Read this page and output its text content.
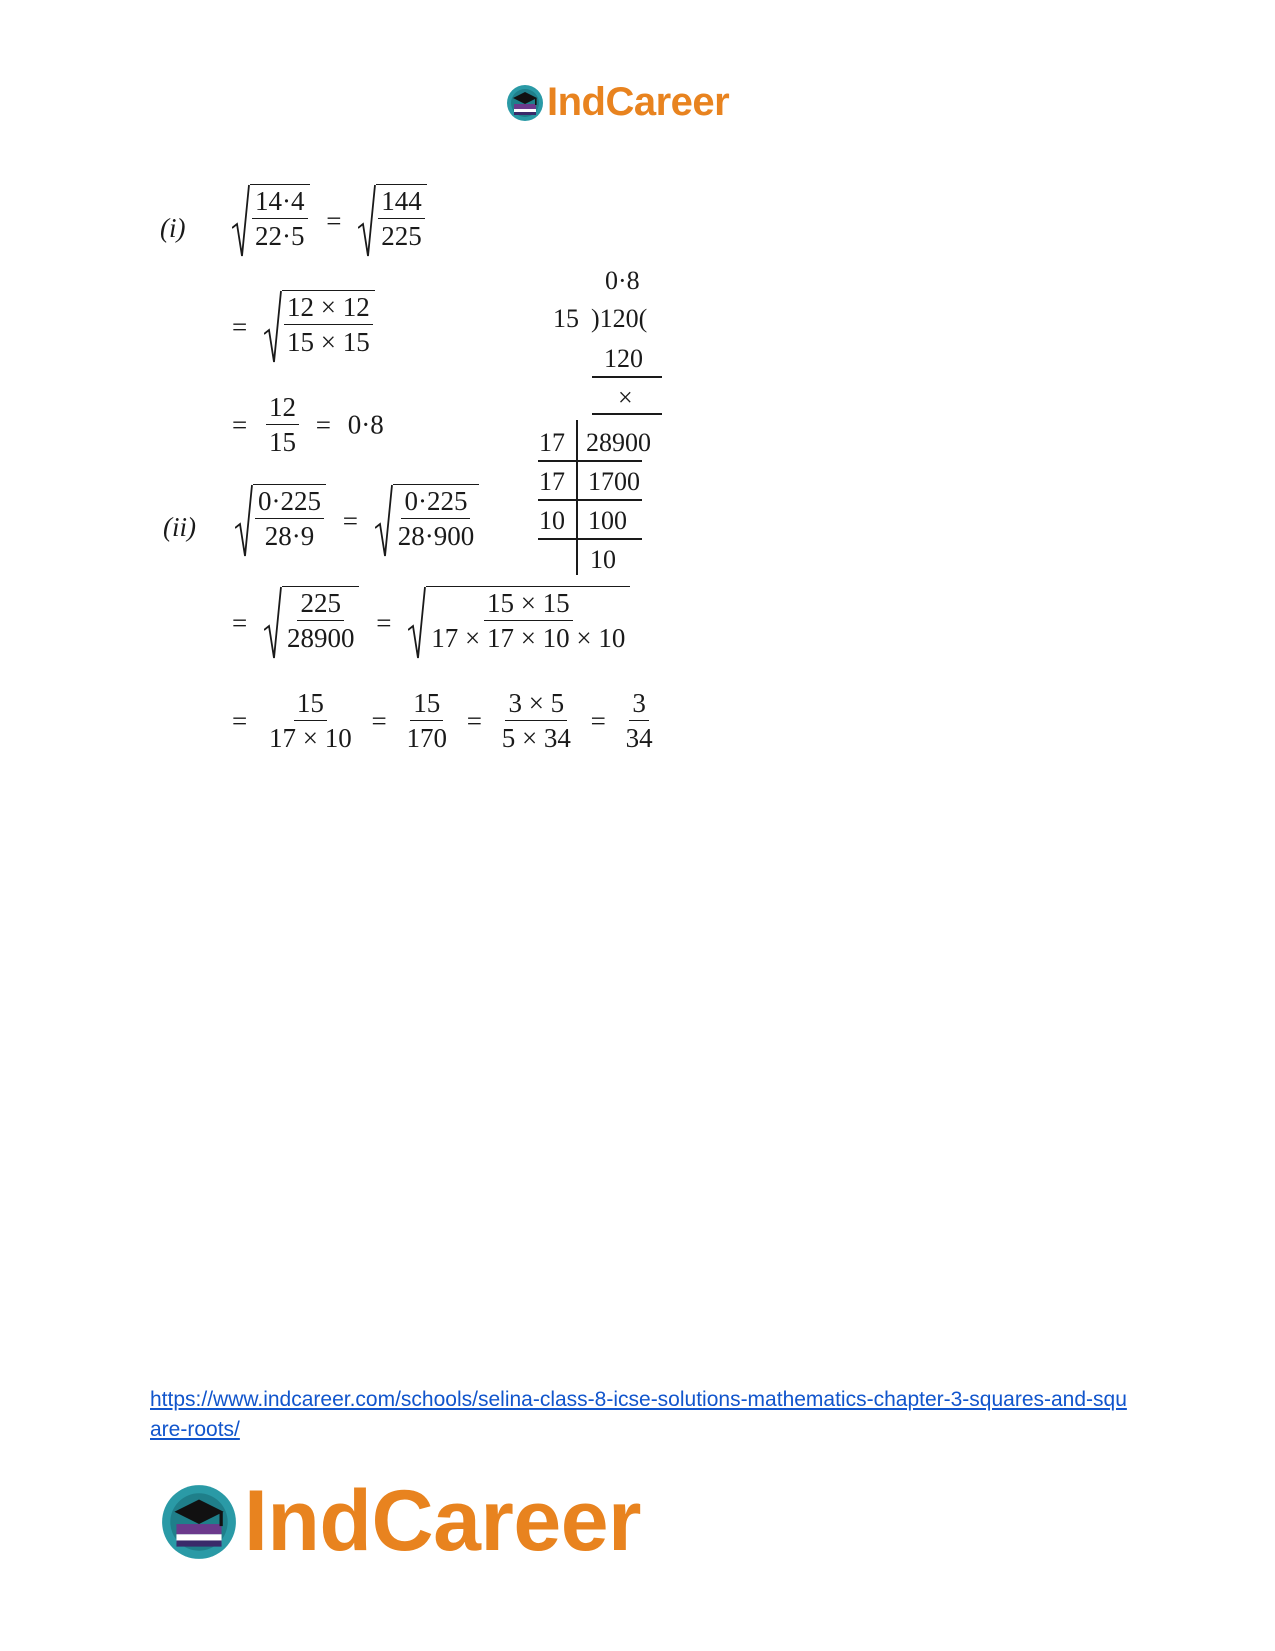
IndCareer
$(i) \frac{14\cdot 4}{22\cdot 5} = \frac{144}{225}$
= $\frac{12 \times 12}{15 \times 15}$
= $\frac{12}{15} = 0\cdot 8$
0·8
15 )120(
120
×
17 28900
17 1700
10 100
10
$(ii) \frac{0\cdot 225}{28\cdot 9} = \frac{0\cdot 225}{28\cdot 900}$
= $\frac{225}{28900} = \frac{15 \times 15}{17 \times 17 \times 10 \times 10}$
= $\frac{15}{17 \times 10} = \frac{15}{170} = \frac{3 \times 5}{5 \times 34} = \frac{3}{34}$
https://www.indcareer.com/schools/selina-class-8-icse-solutions-mathematics-chapter-3-squares-and-square-roots/
IndCareer
